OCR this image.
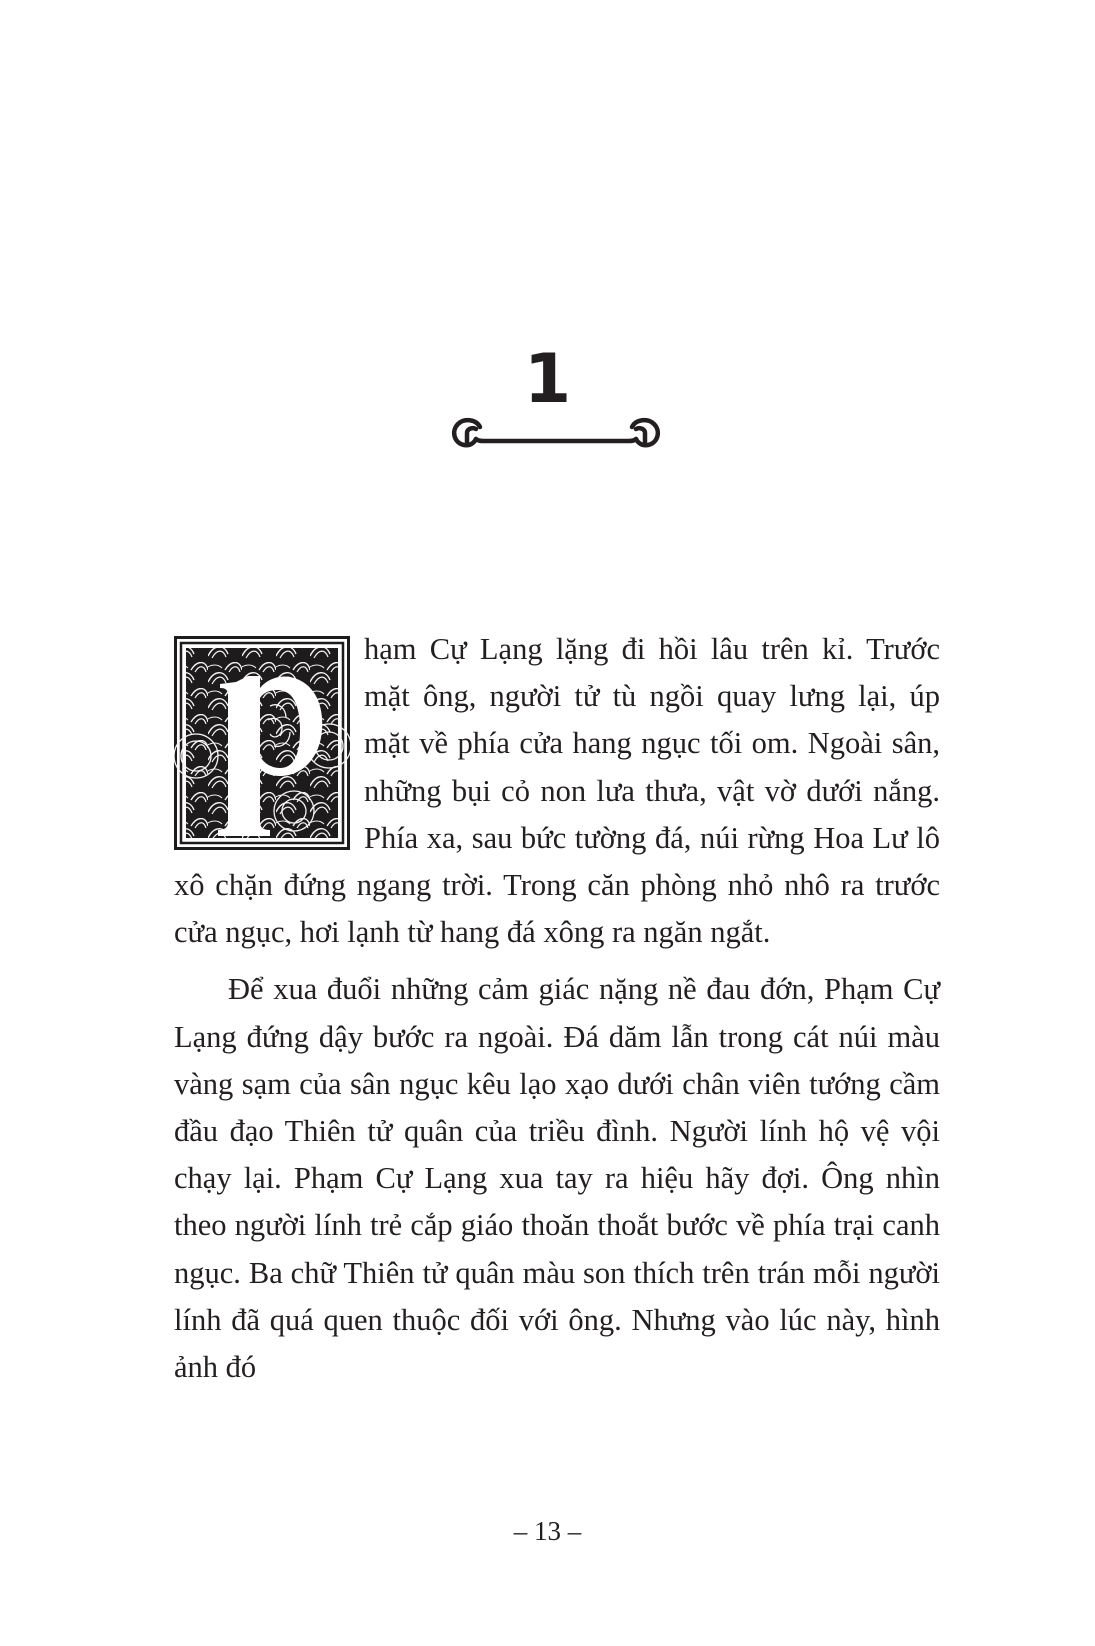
1

hạm Cự Lạng lặng đi hồi lâu trên kỉ. Trước mặt ông, người tử tù ngồi quay lưng lại, úp mặt về phía cửa hang ngục tối om. Ngoài sân, những bụi cỏ non lưa thưa, vật vờ dưới nắng. Phía xa, sau bức tường đá, núi rừng Hoa Lư lô xô chặn đứng ngang trời. Trong căn phòng nhỏ nhô ra trước cửa ngục, hơi lạnh từ hang đá xông ra ngăn ngắt.

Để xua đuổi những cảm giác nặng nề đau đớn, Phạm Cự Lạng đứng dậy bước ra ngoài. Đá dăm lẫn trong cát núi màu vàng sạm của sân ngục kêu lạo xạo dưới chân viên tướng cầm đầu đạo Thiên tử quân của triều đình. Người lính hộ vệ vội chạy lại. Phạm Cự Lạng xua tay ra hiệu hãy đợi. Ông nhìn theo người lính trẻ cắp giáo thoăn thoắt bước về phía trại canh ngục. Ba chữ Thiên tử quân màu son thích trên trán mỗi người lính đã quá quen thuộc đối với ông. Nhưng vào lúc này, hình ảnh đó

– 13 –
